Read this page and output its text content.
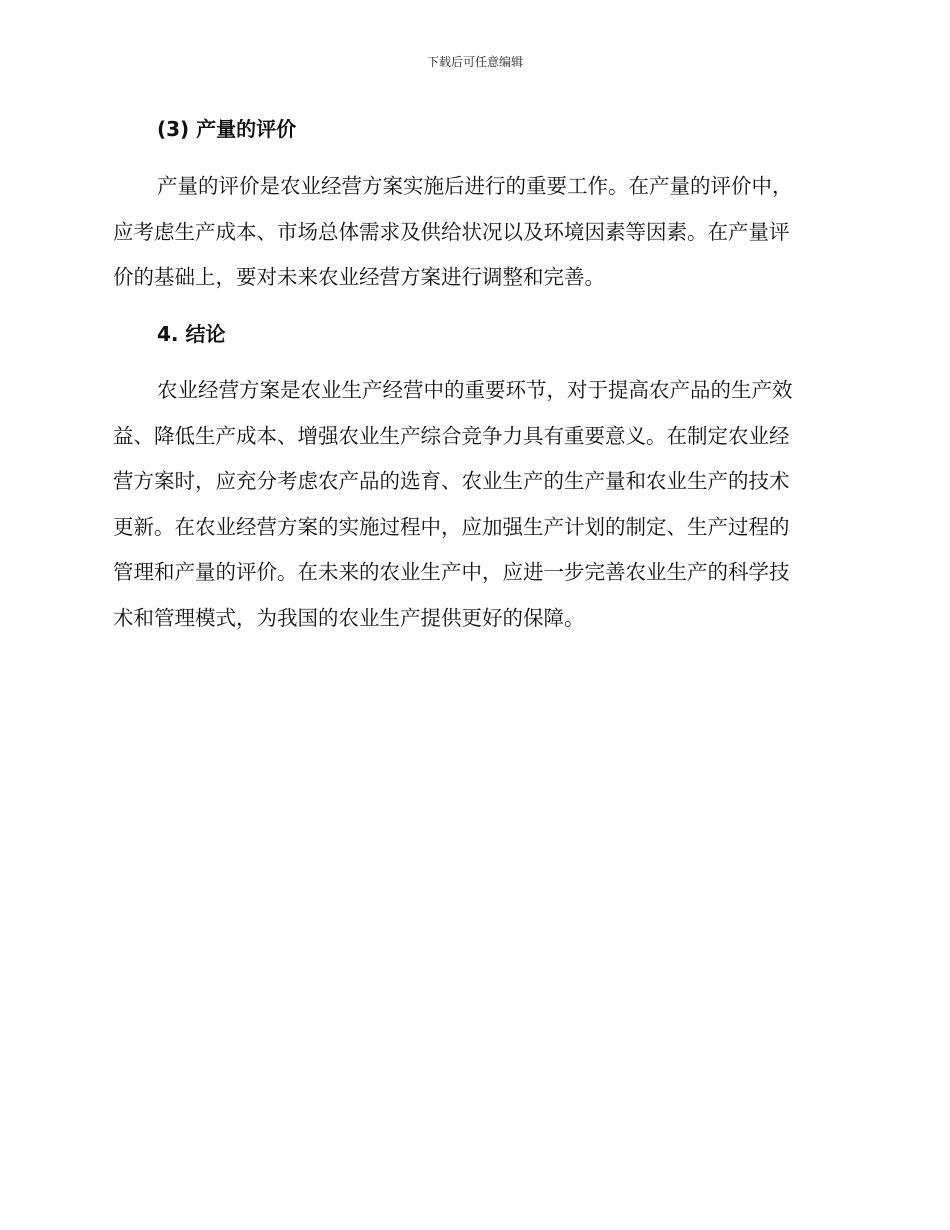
下载后可任意编辑
(3) 产量的评价
产量的评价是农业经营方案实施后进行的重要工作。在产量的评价中，
应考虑生产成本、市场总体需求及供给状况以及环境因素等因素。在产量评
价的基础上，要对未来农业经营方案进行调整和完善。
4. 结论
农业经营方案是农业生产经营中的重要环节，对于提高农产品的生产效
益、降低生产成本、增强农业生产综合竞争力具有重要意义。在制定农业经
营方案时，应充分考虑农产品的选育、农业生产的生产量和农业生产的技术
更新。在农业经营方案的实施过程中，应加强生产计划的制定、生产过程的
管理和产量的评价。在未来的农业生产中，应进一步完善农业生产的科学技
术和管理模式，为我国的农业生产提供更好的保障。
